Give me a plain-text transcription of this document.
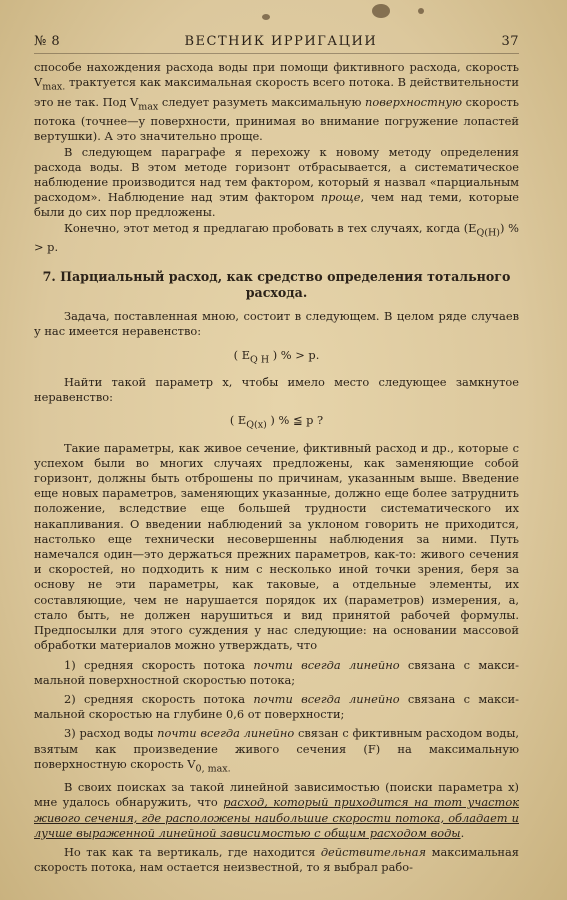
№ 8	ВЕСТНИК ИРРИГАЦИИ	37

способе нахождения расхода воды при помощи фиктивного расхода, скорость $V_{max.}$ трактуется как максимальная скорость всего потока. В действительности это не так. Под $V_{max}$ следует разуметь максимальную поверхностную скорость потока (точнее—у поверхности, принимая во внимание погружение лопастей вертушки). А это значительно проще.

В следующем параграфе я перехожу к новому методу определения расхода воды. В этом методе горизонт отбрасывается, а систематическое наблюдение производится над тем фактором, который я назвал «парциальным расходом». Наблюдение над этим фактором проще, чем над теми, которые были до сих пор предложены.

Конечно, этот метод я предлагаю пробовать в тех случаях, когда $(E_{Q(H)})$ % > p.

7. Парциальный расход, как средство определения тотального расхода.

Задача, поставленная мною, состоит в следующем. В целом ряде случаев у нас имеется неравенство:

( $E_{Q H}$ ) % > p.

Найти такой параметр x, чтобы имело место следующее замкнутое неравенство:

( $E_{Q(x)}$ ) % ≦ p ?

Такие параметры, как живое сечение, фиктивный расход и др., которые с успехом были во многих случаях предложены, как заменяющие собой горизонт, должны быть отброшены по причинам, указанным выше. Введение еще новых параметров, заменяющих указанные, должно еще более затруднить положение, вследствие еще большей трудности систематического их накапливания. О введении наблюдений за уклоном говорить не приходится, настолько еще технически несовершенны наблюдения за ними. Путь намечался один—это держаться прежних параметров, как-то: живого сечения и скоростей, но подходить к ним с несколько иной точки зрения, беря за основу не эти параметры, как таковые, а отдельные элементы, их составляющие, чем не нарушается порядок их (параметров) измерения, а, стало быть, не должен нарушиться и вид принятой рабочей формулы. Предпосылки для этого суждения у нас следующие: на основании массовой обработки материалов можно утверждать, что

1) средняя скорость потока почти всегда линейно связана с максимальной поверхностной скоростью потока;

2) средняя скорость потока почти всегда линейно связана с максимальной скоростью на глубине 0,6 от поверхности;

3) расход воды почти всегда линейно связан с фиктивным расходом воды, взятым как произведение живого сечения (F) на максимальную поверхностную скорость $V_{0, max.}$

В своих поисках за такой линейной зависимостью (поиски параметра x) мне удалось обнаружить, что расход, который приходится на тот участок живого сечения, где расположены наибольшие скорости потока, обладает и лучше выраженной линейной зависимостью с общим расходом воды.

Но так как та вертикаль, где находится действительная максимальная скорость потока, нам остается неизвестной, то я выбрал рабо-
